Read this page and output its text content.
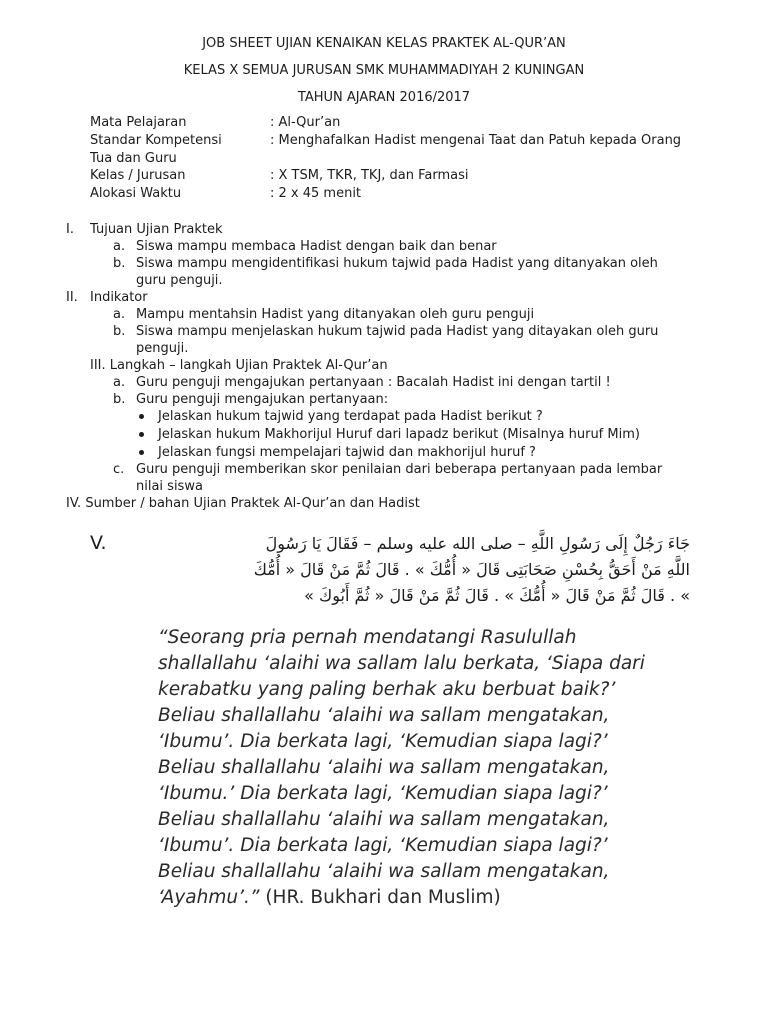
JOB SHEET UJIAN KENAIKAN KELAS PRAKTEK AL-QUR’AN
KELAS X SEMUA JURUSAN SMK MUHAMMADIYAH 2 KUNINGAN
TAHUN AJARAN 2016/2017
Mata Pelajaran	: Al-Qur’an
Standar Kompetensi	: Menghafalkan Hadist mengenai Taat dan Patuh kepada Orang
Tua dan Guru
Kelas / Jurusan	: X TSM, TKR, TKJ, dan Farmasi
Alokasi Waktu	: 2 x 45 menit
I. Tujuan Ujian Praktek
a. Siswa mampu membaca Hadist dengan baik dan benar
b. Siswa mampu mengidentifikasi hukum tajwid pada Hadist yang ditanyakan oleh
guru penguji.
II. Indikator
a. Mampu mentahsin Hadist yang ditanyakan oleh guru penguji
b. Siswa mampu menjelaskan hukum tajwid pada Hadist yang ditayakan oleh guru
penguji.
III. Langkah – langkah Ujian Praktek Al-Qur’an
a. Guru penguji mengajukan pertanyaan : Bacalah Hadist ini dengan tartil !
b. Guru penguji mengajukan pertanyaan:
Jelaskan hukum tajwid yang terdapat pada Hadist berikut ?
Jelaskan hukum Makhorijul Huruf dari lapadz berikut (Misalnya huruf Mim)
Jelaskan fungsi mempelajari tajwid dan makhorijul huruf ?
c. Guru penguji memberikan skor penilaian dari beberapa pertanyaan pada lembar
nilai siswa
IV. Sumber / bahan Ujian Praktek Al-Qur’an dan Hadist
V.	جَاءَ رَجُلٌ إِلَى رَسُولِ اللَّهِ – صلى الله عليه وسلم – فَقَالَ يَا رَسُولَ
اللَّهِ مَنْ أَحَقُّ بِحُسْنِ صَحَابَتِى قَالَ « أُمُّكَ » . قَالَ ثُمَّ مَنْ قَالَ « أُمُّكَ
» . قَالَ ثُمَّ مَنْ قَالَ « أُمُّكَ » . قَالَ ثُمَّ مَنْ قَالَ « ثُمَّ أَبُوكَ »
“Seorang pria pernah mendatangi Rasulullah
shallallahu ‘alaihi wa sallam lalu berkata, ‘Siapa dari
kerabatku yang paling berhak aku berbuat baik?’
Beliau shallallahu ‘alaihi wa sallam mengatakan,
‘Ibumu’. Dia berkata lagi, ‘Kemudian siapa lagi?’
Beliau shallallahu ‘alaihi wa sallam mengatakan,
‘Ibumu.’ Dia berkata lagi, ‘Kemudian siapa lagi?’
Beliau shallallahu ‘alaihi wa sallam mengatakan,
‘Ibumu’. Dia berkata lagi, ‘Kemudian siapa lagi?’
Beliau shallallahu ‘alaihi wa sallam mengatakan,
‘Ayahmu’.” (HR. Bukhari dan Muslim)
